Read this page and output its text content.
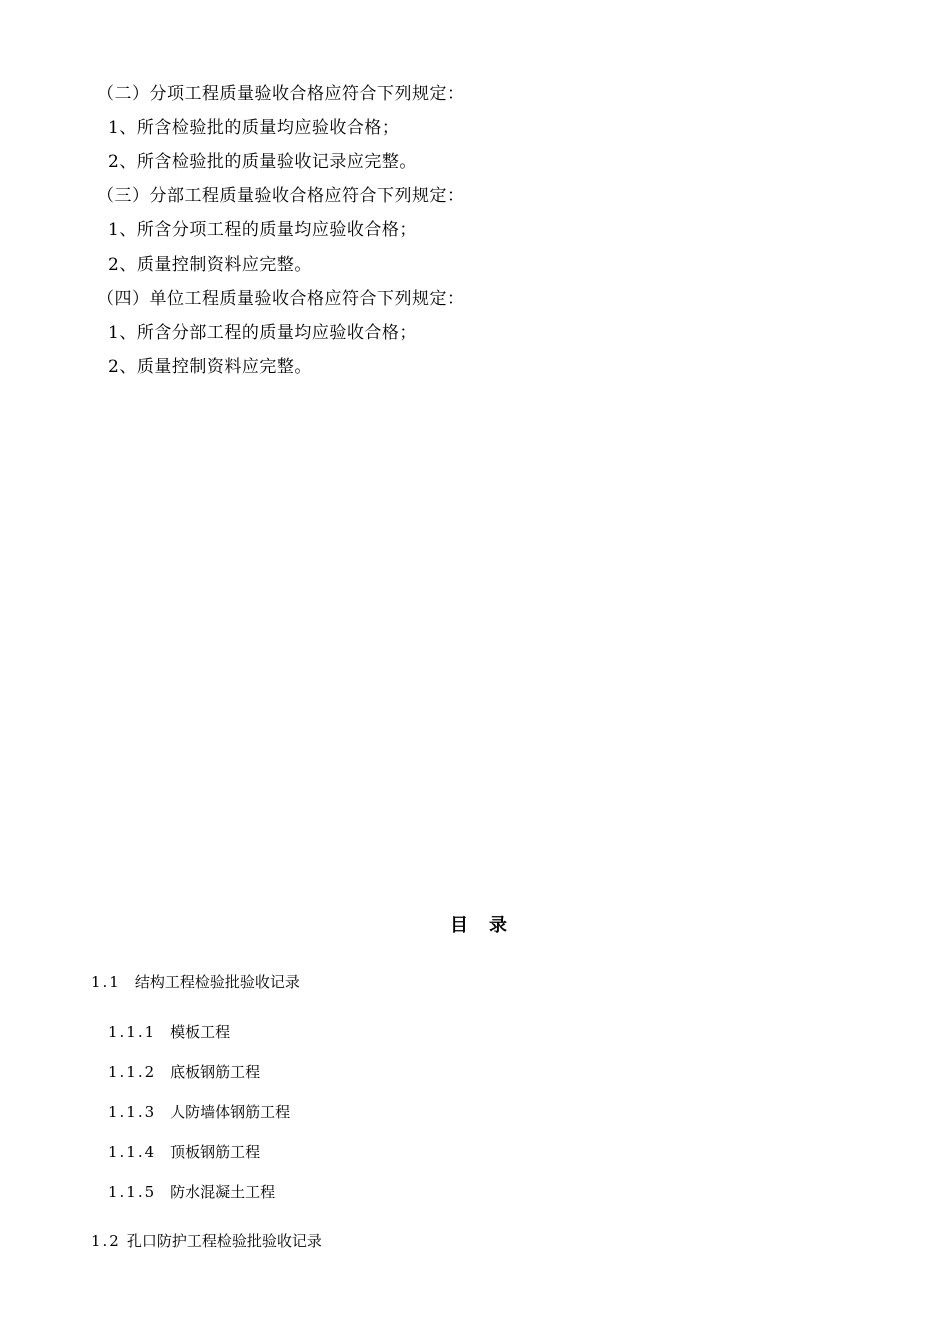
（二）分项工程质量验收合格应符合下列规定：
1、所含检验批的质量均应验收合格；
2、所含检验批的质量验收记录应完整。
（三）分部工程质量验收合格应符合下列规定：
1、所含分项工程的质量均应验收合格；
2、质量控制资料应完整。
（四）单位工程质量验收合格应符合下列规定：
1、所含分部工程的质量均应验收合格；
2、质量控制资料应完整。
目 录
1.1 结构工程检验批验收记录
1.1.1 模板工程
1.1.2 底板钢筋工程
1.1.3 人防墙体钢筋工程
1.1.4 顶板钢筋工程
1.1.5 防水混凝土工程
1.2 孔口防护工程检验批验收记录
